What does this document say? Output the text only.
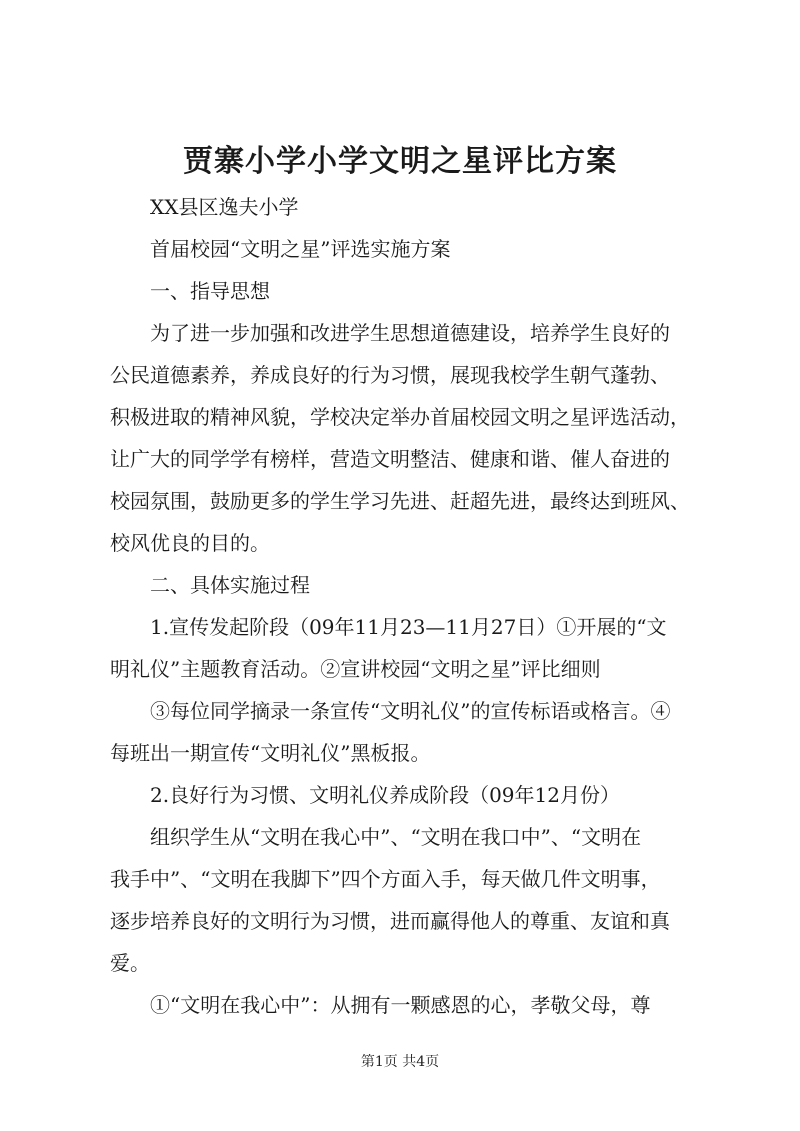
贾寨小学小学文明之星评比方案
XX县区逸夫小学
首届校园“文明之星”评选实施方案
一、指导思想
为了进一步加强和改进学生思想道德建设，培养学生良好的
公民道德素养，养成良好的行为习惯，展现我校学生朝气蓬勃、
积极进取的精神风貌，学校决定举办首届校园文明之星评选活动，
让广大的同学学有榜样，营造文明整洁、健康和谐、催人奋进的
校园氛围，鼓励更多的学生学习先进、赶超先进，最终达到班风、
校风优良的目的。
二、具体实施过程
1.宣传发起阶段（09年11月23—11月27日）①开展的“文
明礼仪”主题教育活动。②宣讲校园“文明之星”评比细则
③每位同学摘录一条宣传“文明礼仪”的宣传标语或格言。④
每班出一期宣传“文明礼仪”黑板报。
2.良好行为习惯、文明礼仪养成阶段（09年12月份）
组织学生从“文明在我心中”、“文明在我口中”、“文明在
我手中”、“文明在我脚下”四个方面入手，每天做几件文明事，
逐步培养良好的文明行为习惯，进而赢得他人的尊重、友谊和真
爱。
①“文明在我心中”：从拥有一颗感恩的心，孝敬父母，尊
第1页 共4页
